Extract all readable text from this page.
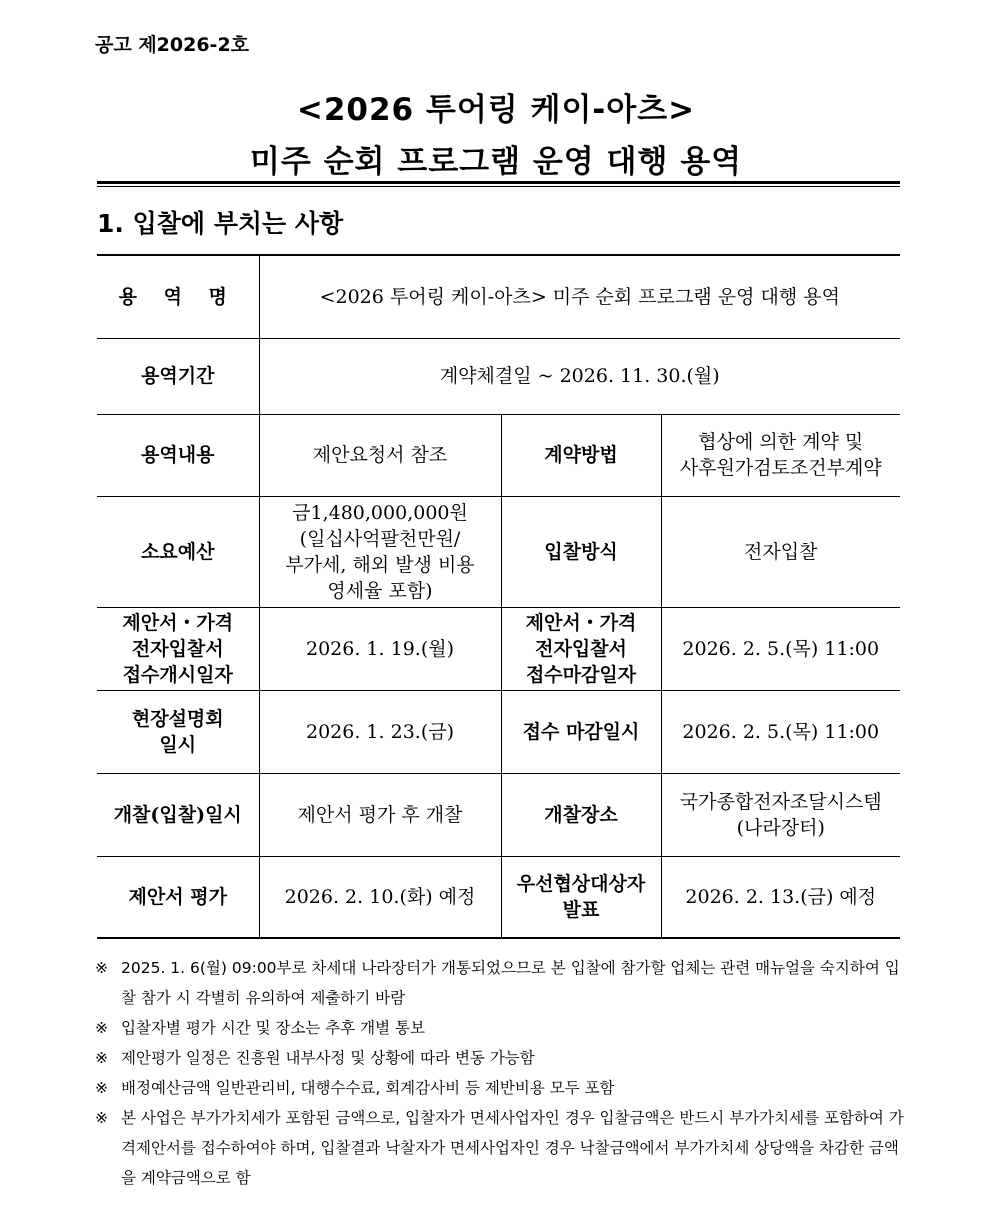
공고 제2026-2호
<2026 투어링 케이-아츠>
미주 순회 프로그램 운영 대행 용역
1. 입찰에 부치는 사항
용 역 명	<2026 투어링 케이-아츠> 미주 순회 프로그램 운영 대행 용역		
용역기간	계약체결일 ~ 2026. 11. 30.(월)		
용역내용	제안요청서 참조	계약방법	협상에 의한 계약 및
사후원가검토조건부계약
소요예산	금1,480,000,000원
(일십사억팔천만원/
부가세, 해외 발생 비용
영세율 포함)	입찰방식	전자입찰
제안서・가격
전자입찰서
접수개시일자	2026. 1. 19.(월)	제안서・가격
전자입찰서
접수마감일자	2026. 2. 5.(목) 11:00
현장설명회
일시	2026. 1. 23.(금)	접수 마감일시	2026. 2. 5.(목) 11:00
개찰(입찰)일시	제안서 평가 후 개찰	개찰장소	국가종합전자조달시스템
(나라장터)
제안서 평가	2026. 2. 10.(화) 예정	우선협상대상자
발표	2026. 2. 13.(금) 예정
※ 2025. 1. 6(월) 09:00부로 차세대 나라장터가 개통되었으므로 본 입찰에 참가할 업체는 관련 매뉴얼을 숙지하여 입찰 참가 시 각별히 유의하여 제출하기 바람
※ 입찰자별 평가 시간 및 장소는 추후 개별 통보
※ 제안평가 일정은 진흥원 내부사정 및 상황에 따라 변동 가능함
※ 배정예산금액 일반관리비, 대행수수료, 회계감사비 등 제반비용 모두 포함
※ 본 사업은 부가가치세가 포함된 금액으로, 입찰자가 면세사업자인 경우 입찰금액은 반드시 부가가치세를 포함하여 가격제안서를 접수하여야 하며, 입찰결과 낙찰자가 면세사업자인 경우 낙찰금액에서 부가가치세 상당액을 차감한 금액을 계약금액으로 함
